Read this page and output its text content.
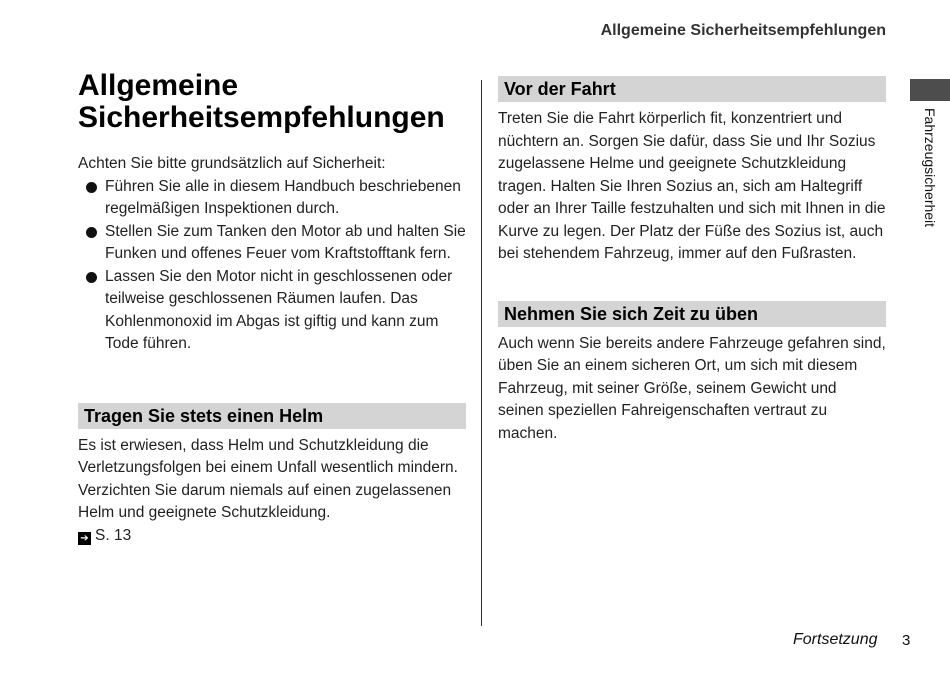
Allgemeine Sicherheitsempfehlungen
Fahrzeugsicherheit
Allgemeine
Sicherheitsempfehlungen

Achten Sie bitte grundsätzlich auf Sicherheit:

Führen Sie alle in diesem Handbuch beschriebenen regelmäßigen Inspektionen durch.
Stellen Sie zum Tanken den Motor ab und halten Sie Funken und offenes Feuer vom Kraftstofftank fern.
Lassen Sie den Motor nicht in geschlossenen oder teilweise geschlossenen Räumen laufen. Das Kohlenmonoxid im Abgas ist giftig und kann zum Tode führen.
Tragen Sie stets einen Helm

Es ist erwiesen, dass Helm und Schutzkleidung die Verletzungsfolgen bei einem Unfall wesentlich mindern. Verzichten Sie darum niemals auf einen zugelassenen Helm und geeignete Schutzkleidung.
➔ S. 13

Vor der Fahrt

Treten Sie die Fahrt körperlich fit, konzentriert und nüchtern an. Sorgen Sie dafür, dass Sie und Ihr Sozius zugelassene Helme und geeignete Schutzkleidung tragen. Halten Sie Ihren Sozius an, sich am Haltegriff oder an Ihrer Taille festzuhalten und sich mit Ihnen in die Kurve zu legen. Der Platz der Füße des Sozius ist, auch bei stehendem Fahrzeug, immer auf den Fußrasten.

Nehmen Sie sich Zeit zu üben

Auch wenn Sie bereits andere Fahrzeuge gefahren sind, üben Sie an einem sicheren Ort, um sich mit diesem Fahrzeug, mit seiner Größe, seinem Gewicht und seinen speziellen Fahreigenschaften vertraut zu machen.

Fortsetzung 3
